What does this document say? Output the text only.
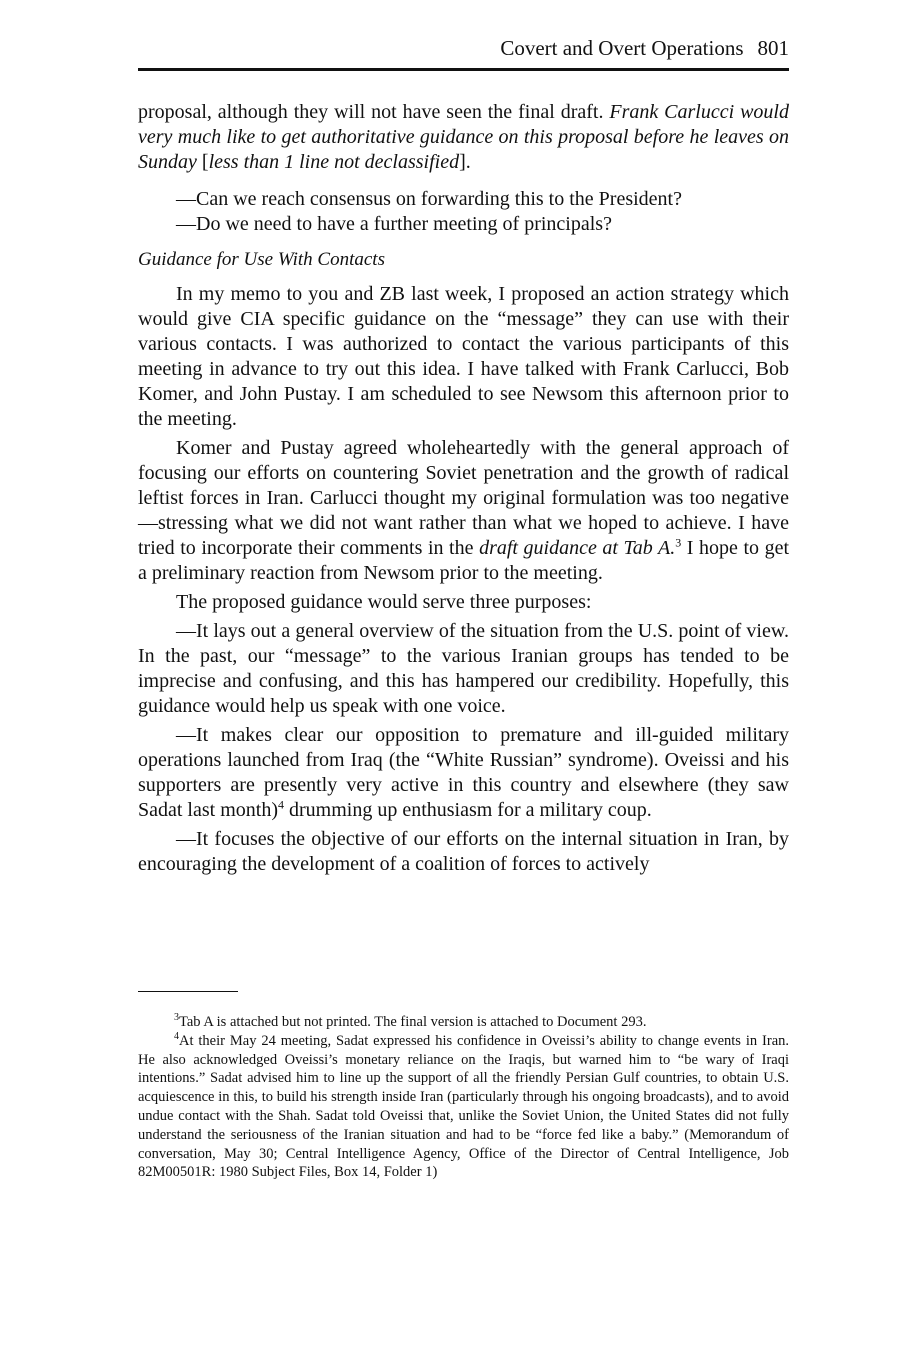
Covert and Overt Operations 801

proposal, although they will not have seen the final draft. Frank Carlucci would very much like to get authoritative guidance on this proposal before he leaves on Sunday [less than 1 line not declassified].

—Can we reach consensus on forwarding this to the President?

—Do we need to have a further meeting of principals?

Guidance for Use With Contacts

In my memo to you and ZB last week, I proposed an action strategy which would give CIA specific guidance on the “message” they can use with their various contacts. I was authorized to contact the various participants of this meeting in advance to try out this idea. I have talked with Frank Carlucci, Bob Komer, and John Pustay. I am scheduled to see Newsom this afternoon prior to the meeting.

Komer and Pustay agreed wholeheartedly with the general approach of focusing our efforts on countering Soviet penetration and the growth of radical leftist forces in Iran. Carlucci thought my original formulation was too negative—stressing what we did not want rather than what we hoped to achieve. I have tried to incorporate their comments in the draft guidance at Tab A.$^3$ I hope to get a preliminary reaction from Newsom prior to the meeting.

The proposed guidance would serve three purposes:

—It lays out a general overview of the situation from the U.S. point of view. In the past, our “message” to the various Iranian groups has tended to be imprecise and confusing, and this has hampered our credibility. Hopefully, this guidance would help us speak with one voice.

—It makes clear our opposition to premature and ill-guided military operations launched from Iraq (the “White Russian” syndrome). Oveissi and his supporters are presently very active in this country and elsewhere (they saw Sadat last month)$^4$ drumming up enthusiasm for a military coup.

—It focuses the objective of our efforts on the internal situation in Iran, by encouraging the development of a coalition of forces to actively

$^3$Tab A is attached but not printed. The final version is attached to Document 293.

$^4$At their May 24 meeting, Sadat expressed his confidence in Oveissi’s ability to change events in Iran. He also acknowledged Oveissi’s monetary reliance on the Iraqis, but warned him to “be wary of Iraqi intentions.” Sadat advised him to line up the support of all the friendly Persian Gulf countries, to obtain U.S. acquiescence in this, to build his strength inside Iran (particularly through his ongoing broadcasts), and to avoid undue contact with the Shah. Sadat told Oveissi that, unlike the Soviet Union, the United States did not fully understand the seriousness of the Iranian situation and had to be “force fed like a baby.” (Memorandum of conversation, May 30; Central Intelligence Agency, Office of the Director of Central Intelligence, Job 82M00501R: 1980 Subject Files, Box 14, Folder 1)
